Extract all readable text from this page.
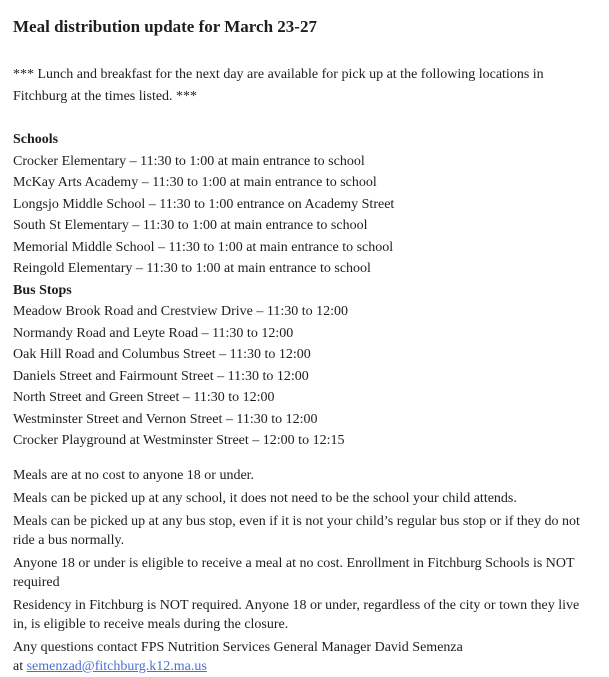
Meal distribution update for March 23-27

*** Lunch and breakfast for the next day are available for pick up at the following locations in Fitchburg at the times listed. ***

Schools
Crocker Elementary – 11:30 to 1:00 at main entrance to school
McKay Arts Academy – 11:30 to 1:00 at main entrance to school
Longsjo Middle School – 11:30 to 1:00 entrance on Academy Street
South St Elementary – 11:30 to 1:00 at main entrance to school
Memorial Middle School – 11:30 to 1:00 at main entrance to school
Reingold Elementary – 11:30 to 1:00 at main entrance to school
Bus Stops
Meadow Brook Road and Crestview Drive – 11:30 to 12:00
Normandy Road and Leyte Road – 11:30 to 12:00
Oak Hill Road and Columbus Street – 11:30 to 12:00
Daniels Street and Fairmount Street – 11:30 to 12:00
North Street and Green Street – 11:30 to 12:00
Westminster Street and Vernon Street – 11:30 to 12:00
Crocker Playground at Westminster Street – 12:00 to 12:15

Meals are at no cost to anyone 18 or under.

Meals can be picked up at any school, it does not need to be the school your child attends.

Meals can be picked up at any bus stop, even if it is not your child’s regular bus stop or if they do not ride a bus normally.

Anyone 18 or under is eligible to receive a meal at no cost. Enrollment in Fitchburg Schools is NOT required

Residency in Fitchburg is NOT required. Anyone 18 or under, regardless of the city or town they live in, is eligible to receive meals during the closure.

Any questions contact FPS Nutrition Services General Manager David Semenza
at semenzad@fitchburg.k12.ma.us
